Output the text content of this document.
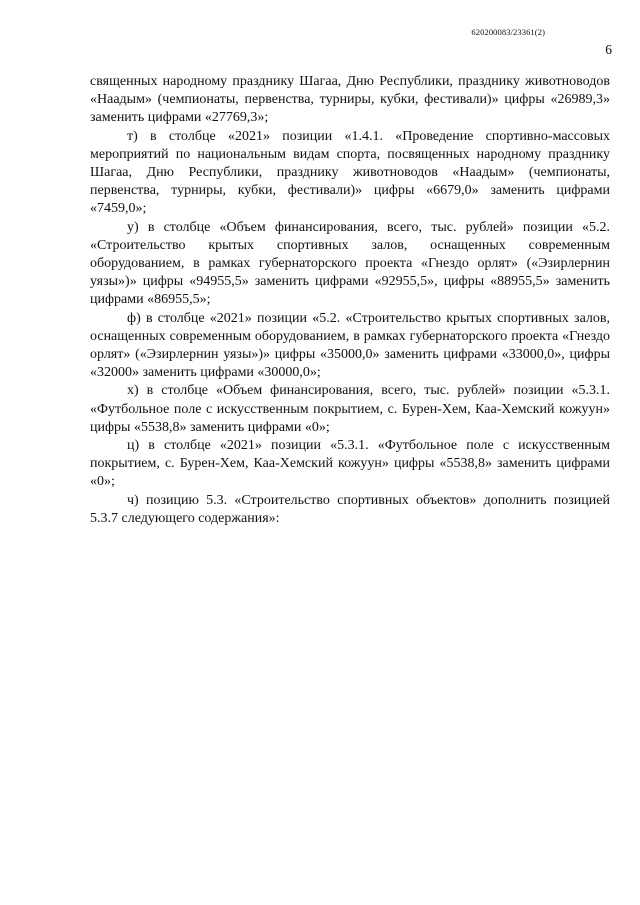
620200083/23361(2)
6

священных народному празднику Шагаа, Дню Республики, празднику животноводов «Наадым» (чемпионаты, первенства, турниры, кубки, фестивали)» цифры «26989,3» заменить цифрами «27769,3»;

т) в столбце «2021» позиции «1.4.1. «Проведение спортивно-массовых мероприятий по национальным видам спорта, посвященных народному празднику Шагаа, Дню Республики, празднику животноводов «Наадым» (чемпионаты, первенства, турниры, кубки, фестивали)» цифры «6679,0» заменить цифрами «7459,0»;

у) в столбце «Объем финансирования, всего, тыс. рублей» позиции «5.2. «Строительство крытых спортивных залов, оснащенных современным оборудованием, в рамках губернаторского проекта «Гнездо орлят» («Эзирлернин уязы»)» цифры «94955,5» заменить цифрами «92955,5», цифры «88955,5» заменить цифрами «86955,5»;

ф) в столбце «2021» позиции «5.2. «Строительство крытых спортивных залов, оснащенных современным оборудованием, в рамках губернаторского проекта «Гнездо орлят» («Эзирлернин уязы»)» цифры «35000,0» заменить цифрами «33000,0», цифры «32000» заменить цифрами «30000,0»;

х) в столбце «Объем финансирования, всего, тыс. рублей» позиции «5.3.1. «Футбольное поле с искусственным покрытием, с. Бурен-Хем, Каа-Хемский кожуун» цифры «5538,8» заменить цифрами «0»;

ц) в столбце «2021» позиции «5.3.1. «Футбольное поле с искусственным покрытием, с. Бурен-Хем, Каа-Хемский кожуун» цифры «5538,8» заменить цифрами «0»;

ч) позицию 5.3. «Строительство спортивных объектов» дополнить позицией 5.3.7 следующего содержания»:
